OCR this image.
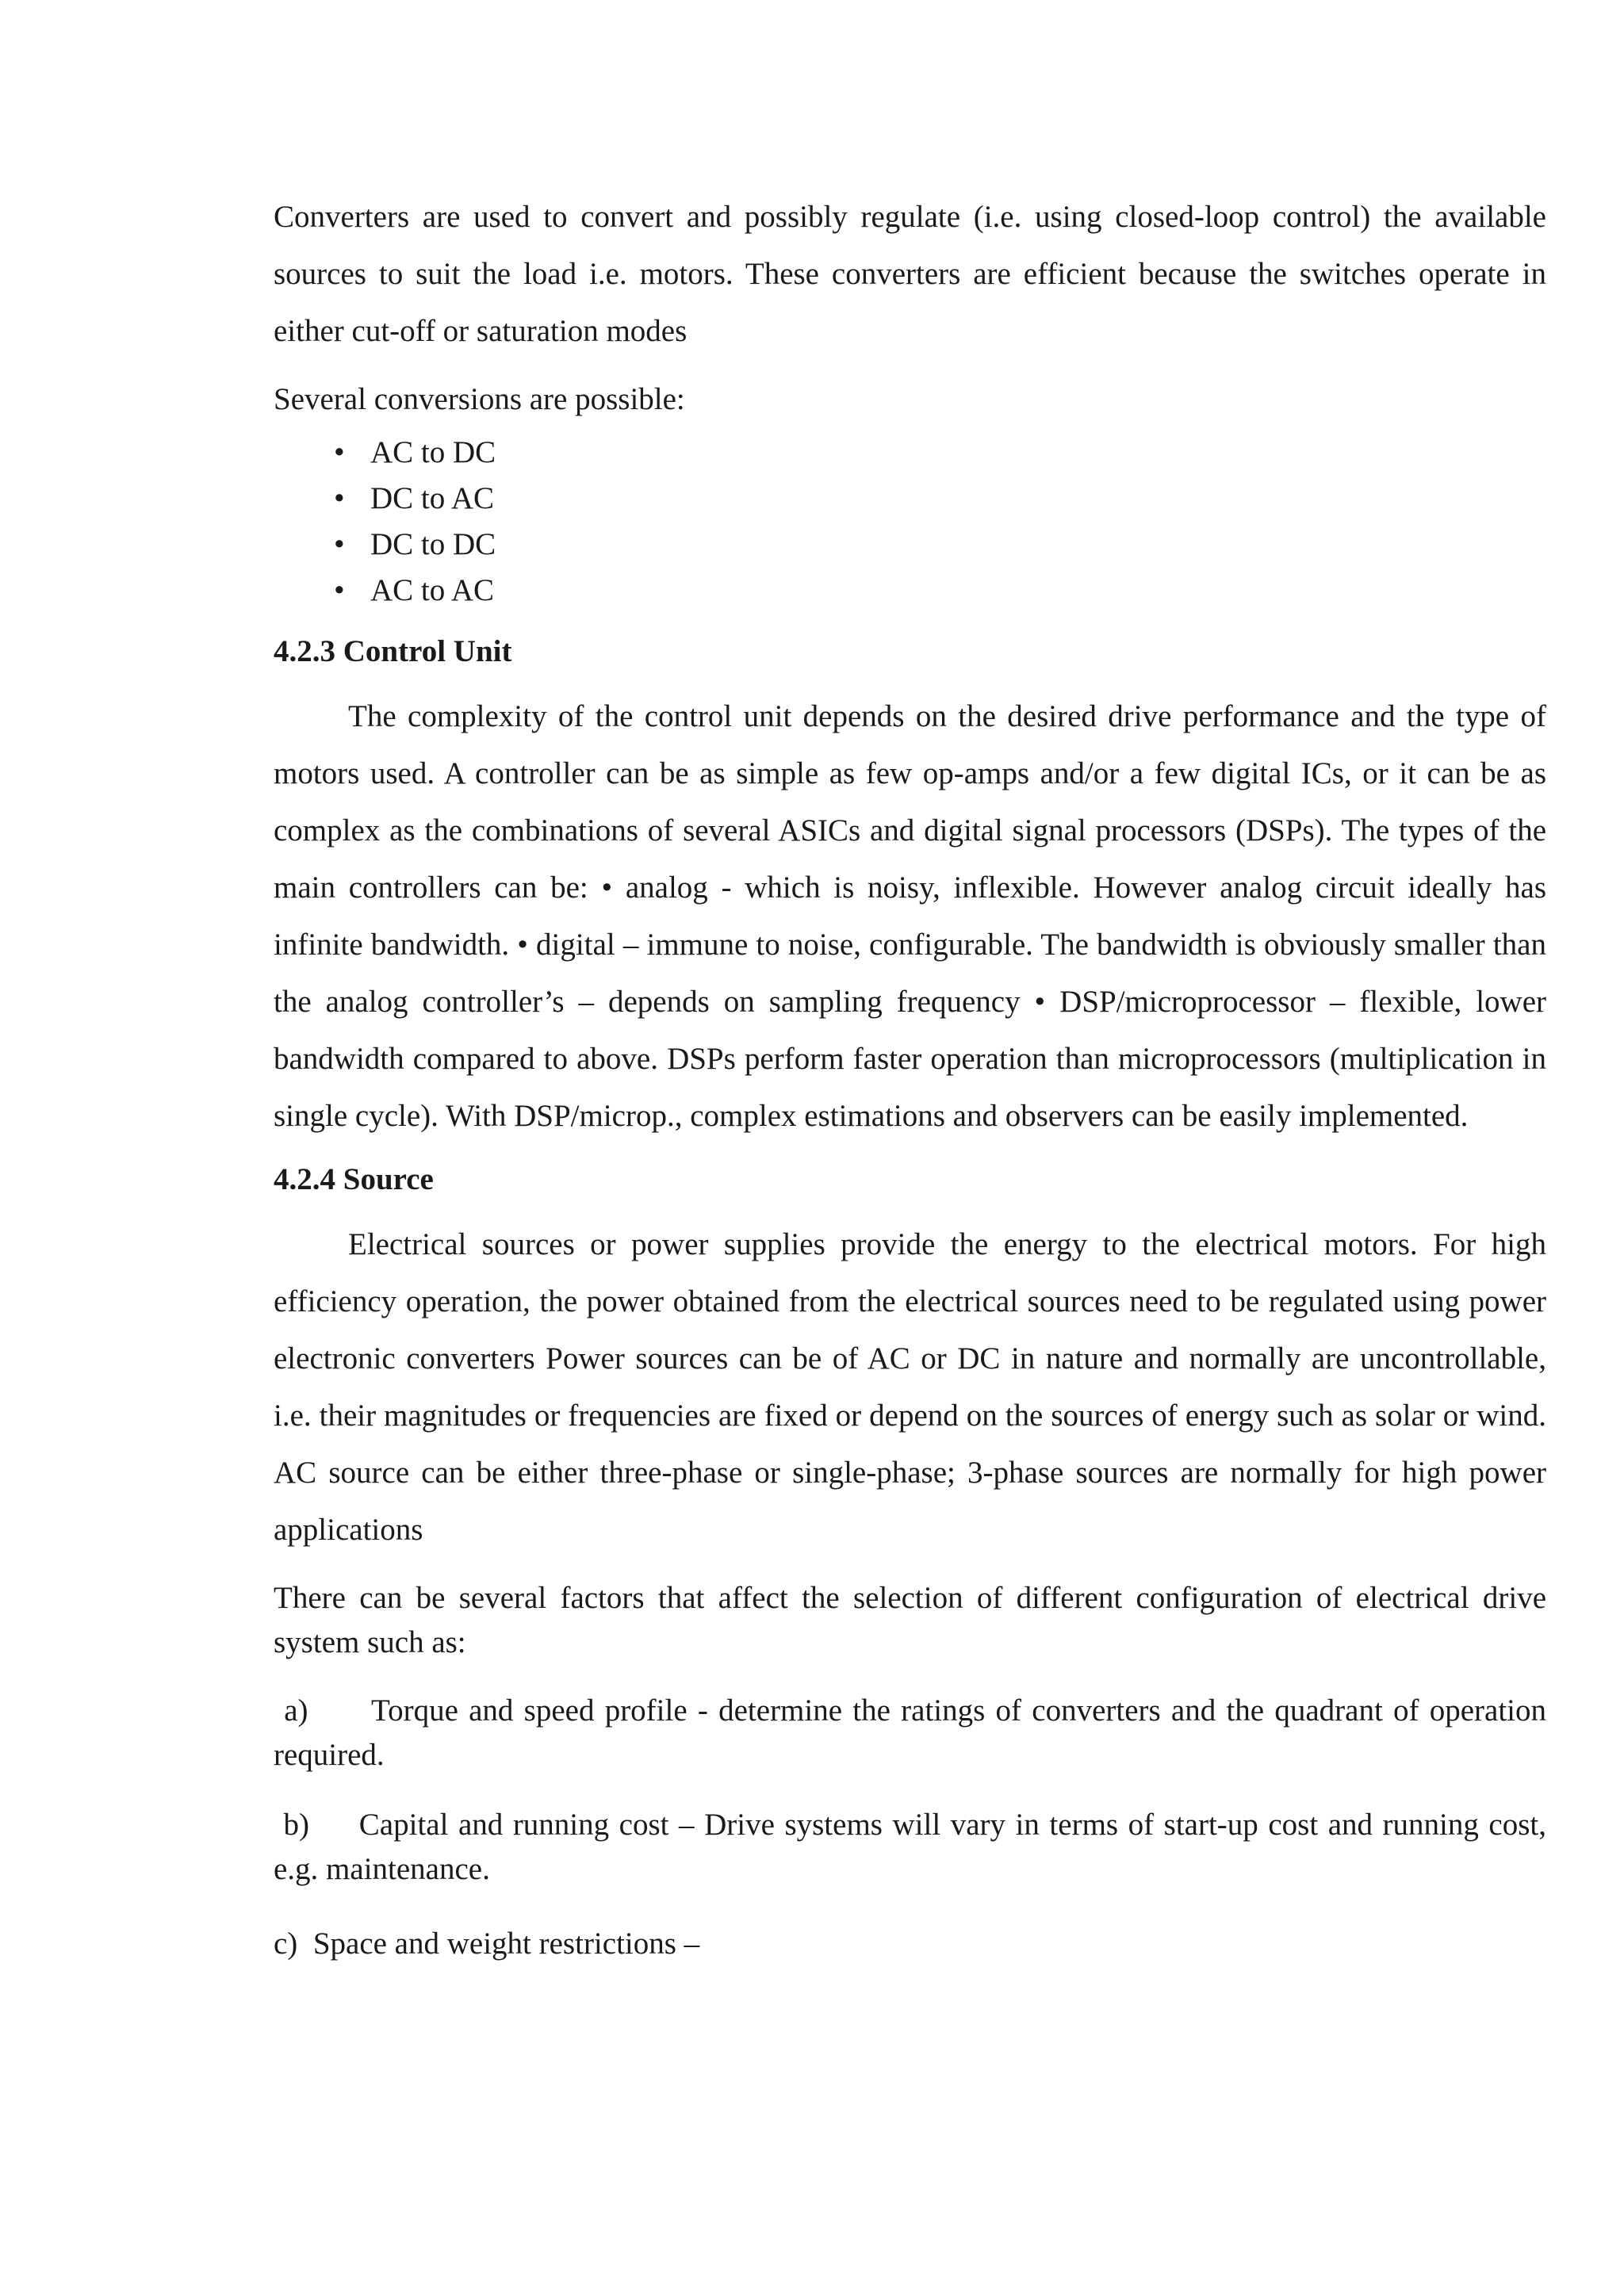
Converters are used to convert and possibly regulate (i.e. using closed-loop control) the available sources to suit the load i.e. motors. These converters are efficient because the switches operate in either cut-off or saturation modes

Several conversions are possible:

• AC to DC
• DC to AC
• DC to DC
• AC to AC

4.2.3 Control Unit

The complexity of the control unit depends on the desired drive performance and the type of motors used. A controller can be as simple as few op-amps and/or a few digital ICs, or it can be as complex as the combinations of several ASICs and digital signal processors (DSPs). The types of the main controllers can be: • analog - which is noisy, inflexible. However analog circuit ideally has infinite bandwidth. • digital – immune to noise, configurable. The bandwidth is obviously smaller than the analog controller’s – depends on sampling frequency • DSP/microprocessor – flexible, lower bandwidth compared to above. DSPs perform faster operation than microprocessors (multiplication in single cycle). With DSP/microp., complex estimations and observers can be easily implemented.

4.2.4 Source

Electrical sources or power supplies provide the energy to the electrical motors. For high efficiency operation, the power obtained from the electrical sources need to be regulated using power electronic converters Power sources can be of AC or DC in nature and normally are uncontrollable, i.e. their magnitudes or frequencies are fixed or depend on the sources of energy such as solar or wind. AC source can be either three-phase or single-phase; 3-phase sources are normally for high power applications

There can be several factors that affect the selection of different configuration of electrical drive system such as:

a) Torque and speed profile - determine the ratings of converters and the quadrant of operation required.

b) Capital and running cost – Drive systems will vary in terms of start-up cost and running cost, e.g. maintenance.

c) Space and weight restrictions –
